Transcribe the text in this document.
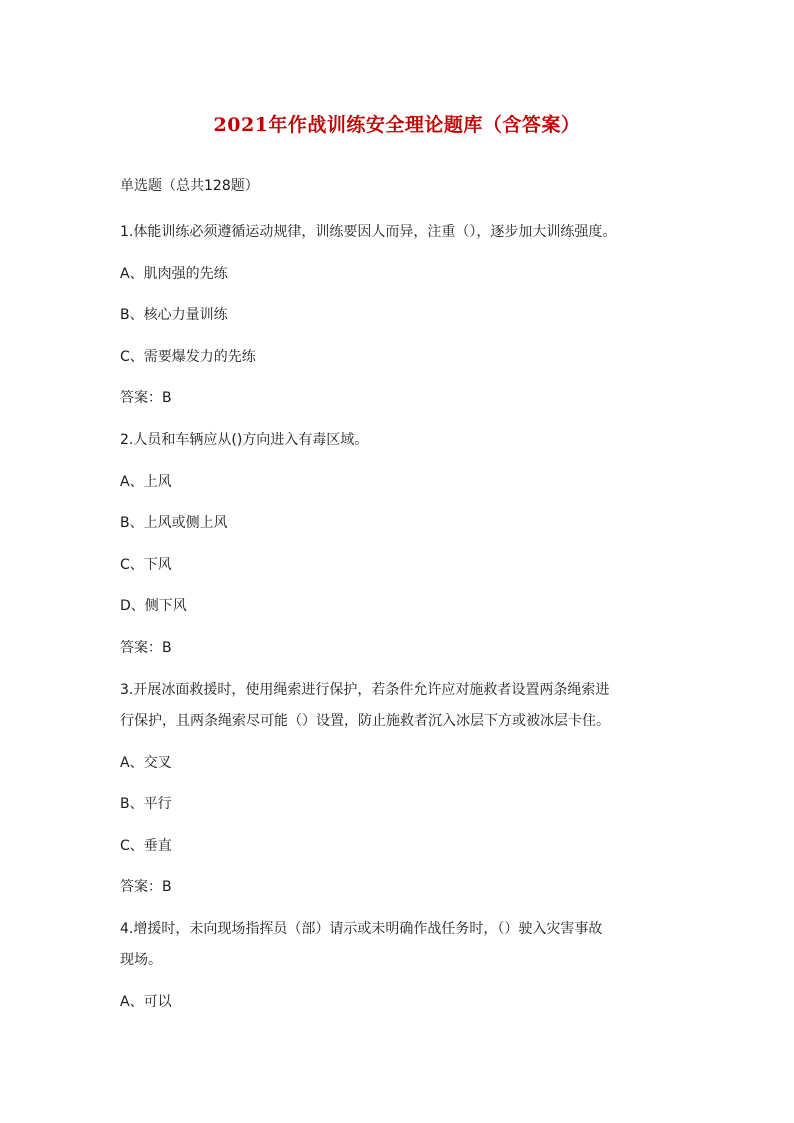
2021年作战训练安全理论题库（含答案）
单选题（总共128题）
1.体能训练必须遵循运动规律，训练要因人而异，注重（），逐步加大训练强度。
A、肌肉强的先练
B、核心力量训练
C、需要爆发力的先练
答案：B
2.人员和车辆应从()方向进入有毒区域。
A、上风
B、上风或侧上风
C、下风
D、侧下风
答案：B
3.开展冰面救援时，使用绳索进行保护，若条件允许应对施救者设置两条绳索进
行保护，且两条绳索尽可能（）设置，防止施救者沉入冰层下方或被冰层卡住。
A、交叉
B、平行
C、垂直
答案：B
4.增援时，未向现场指挥员（部）请示或未明确作战任务时，（）驶入灾害事故
现场。
A、可以
